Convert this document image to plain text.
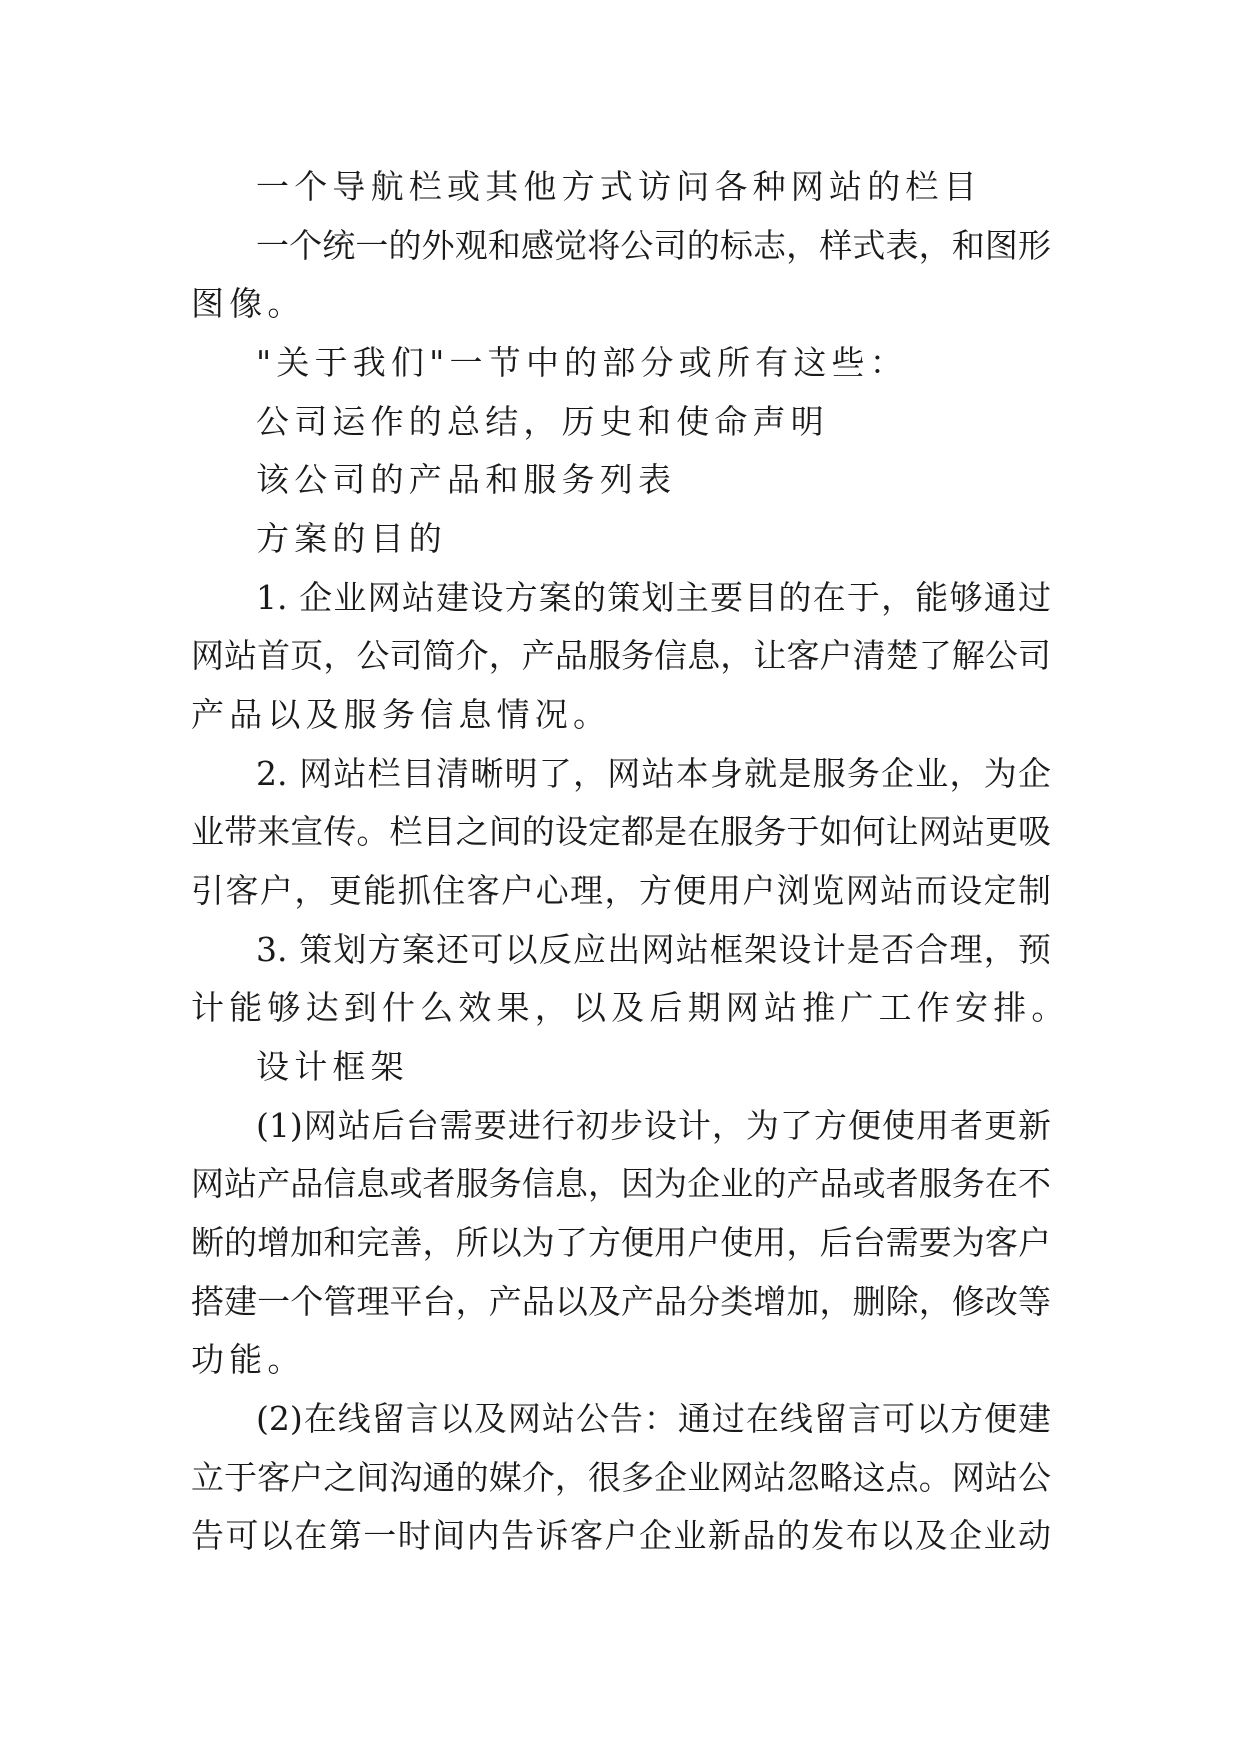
一个导航栏或其他方式访问各种网站的栏目
一个统一的外观和感觉将公司的标志，样式表，和图形
图像。
"关于我们"一节中的部分或所有这些：
公司运作的总结，历史和使命声明
该公司的产品和服务列表
方案的目的
1. 企业网站建设方案的策划主要目的在于，能够通过
网站首页，公司简介，产品服务信息，让客户清楚了解公司
产品以及服务信息情况。
2. 网站栏目清晰明了，网站本身就是服务企业，为企
业带来宣传。栏目之间的设定都是在服务于如何让网站更吸
引客户，更能抓住客户心理，方便用户浏览网站而设定制
3. 策划方案还可以反应出网站框架设计是否合理，预
计能够达到什么效果，以及后期网站推广工作安排。
设计框架
(1)网站后台需要进行初步设计，为了方便使用者更新
网站产品信息或者服务信息，因为企业的产品或者服务在不
断的增加和完善，所以为了方便用户使用，后台需要为客户
搭建一个管理平台，产品以及产品分类增加，删除，修改等
功能。
(2)在线留言以及网站公告：通过在线留言可以方便建
立于客户之间沟通的媒介，很多企业网站忽略这点。网站公
告可以在第一时间内告诉客户企业新品的发布以及企业动
